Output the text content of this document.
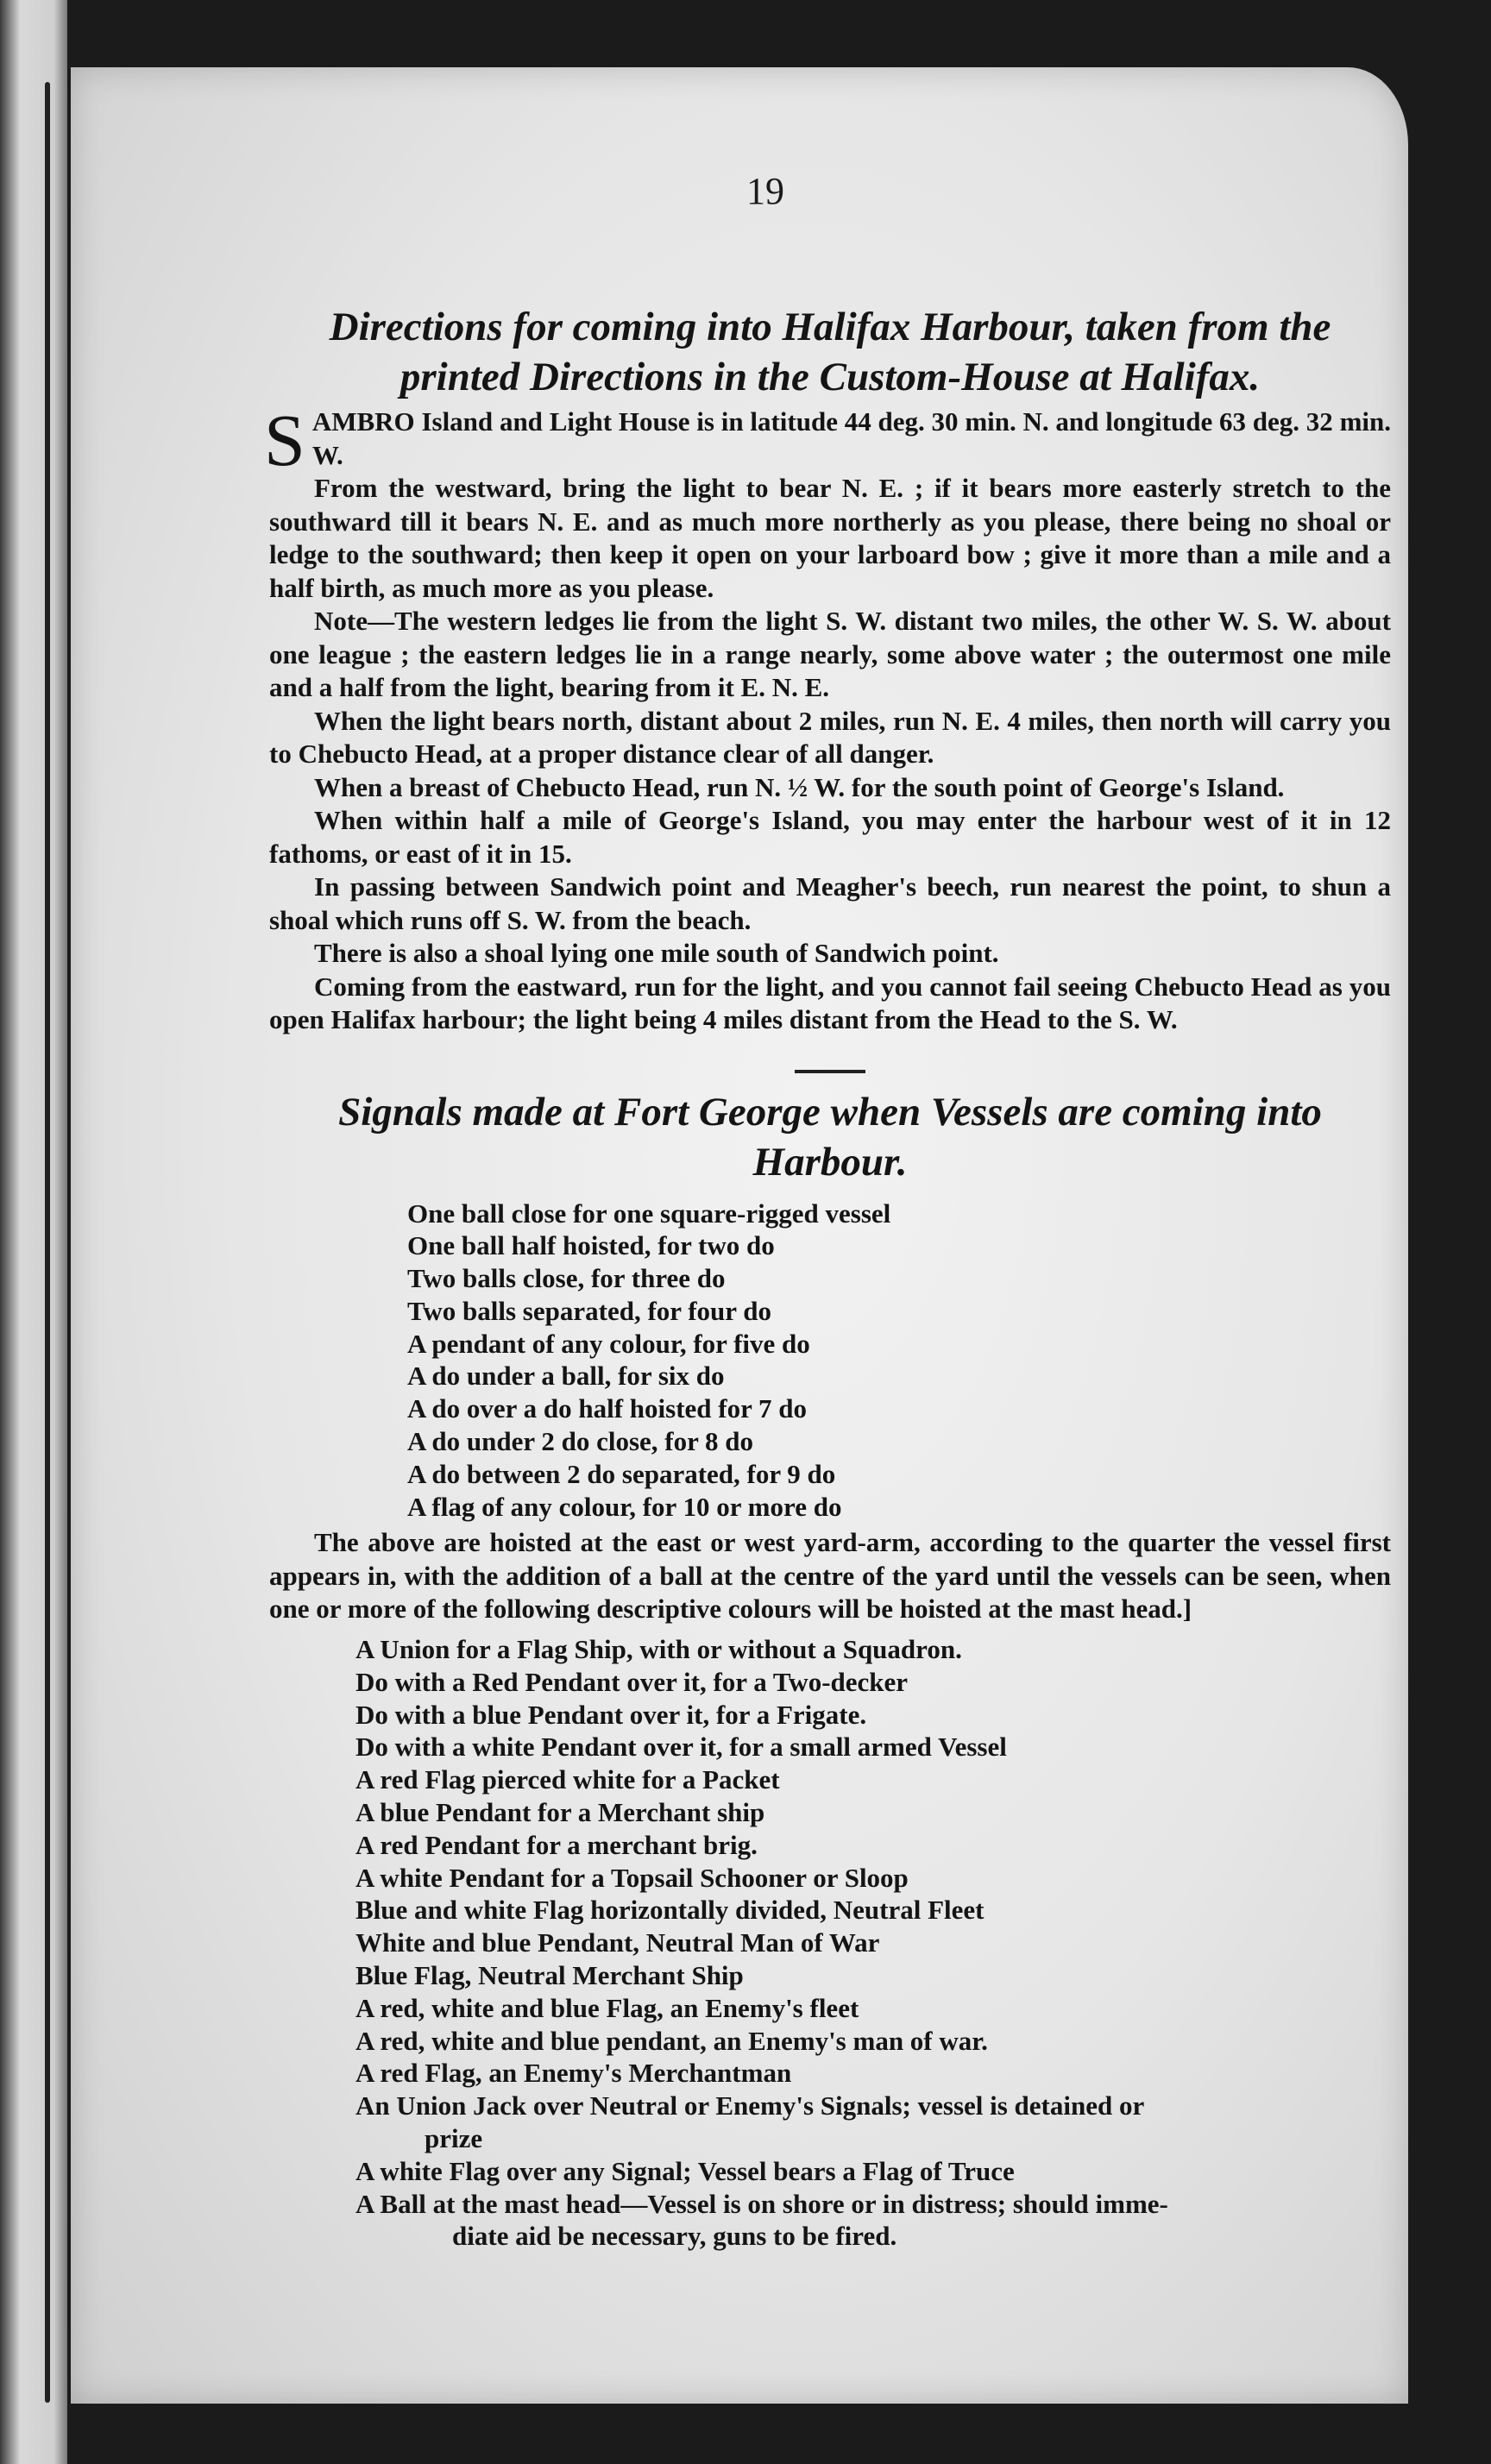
19
Directions for coming into Halifax Harbour, taken from the printed Directions in the Custom-House at Halifax.

SAMBRO Island and Light House is in latitude 44 deg. 30 min. N. and longitude 63 deg. 32 min. W.

From the westward, bring the light to bear N. E. ; if it bears more easterly stretch to the southward till it bears N. E. and as much more northerly as you please, there being no shoal or ledge to the southward; then keep it open on your larboard bow ; give it more than a mile and a half birth, as much more as you please.

Note—The western ledges lie from the light S. W. distant two miles, the other W. S. W. about one league ; the eastern ledges lie in a range nearly, some above water ; the outermost one mile and a half from the light, bearing from it E. N. E.

When the light bears north, distant about 2 miles, run N. E. 4 miles, then north will carry you to Chebucto Head, at a proper distance clear of all danger.

When a breast of Chebucto Head, run N. ½ W. for the south point of George's Island.

When within half a mile of George's Island, you may enter the harbour west of it in 12 fathoms, or east of it in 15.

In passing between Sandwich point and Meagher's beech, run nearest the point, to shun a shoal which runs off S. W. from the beach.

There is also a shoal lying one mile south of Sandwich point.

Coming from the eastward, run for the light, and you cannot fail seeing Chebucto Head as you open Halifax harbour; the light being 4 miles distant from the Head to the S. W.

Signals made at Fort George when Vessels are coming into Harbour.
One ball close for one square-rigged vessel
One ball half hoisted, for two do
Two balls close, for three do
Two balls separated, for four do
A pendant of any colour, for five do
A do under a ball, for six do
A do over a do half hoisted for 7 do
A do under 2 do close, for 8 do
A do between 2 do separated, for 9 do
A flag of any colour, for 10 or more do

The above are hoisted at the east or west yard-arm, according to the quarter the vessel first appears in, with the addition of a ball at the centre of the yard until the vessels can be seen, when one or more of the following descriptive colours will be hoisted at the mast head.]

A Union for a Flag Ship, with or without a Squadron.
Do with a Red Pendant over it, for a Two-decker
Do with a blue Pendant over it, for a Frigate.
Do with a white Pendant over it, for a small armed Vessel
A red Flag pierced white for a Packet
A blue Pendant for a Merchant ship
A red Pendant for a merchant brig.
A white Pendant for a Topsail Schooner or Sloop
Blue and white Flag horizontally divided, Neutral Fleet
White and blue Pendant, Neutral Man of War
Blue Flag, Neutral Merchant Ship
A red, white and blue Flag, an Enemy's fleet
A red, white and blue pendant, an Enemy's man of war.
A red Flag, an Enemy's Merchantman
An Union Jack over Neutral or Enemy's Signals; vessel is detained or
prize
A white Flag over any Signal; Vessel bears a Flag of Truce
A Ball at the mast head—Vessel is on shore or in distress; should imme-
diate aid be necessary, guns to be fired.
